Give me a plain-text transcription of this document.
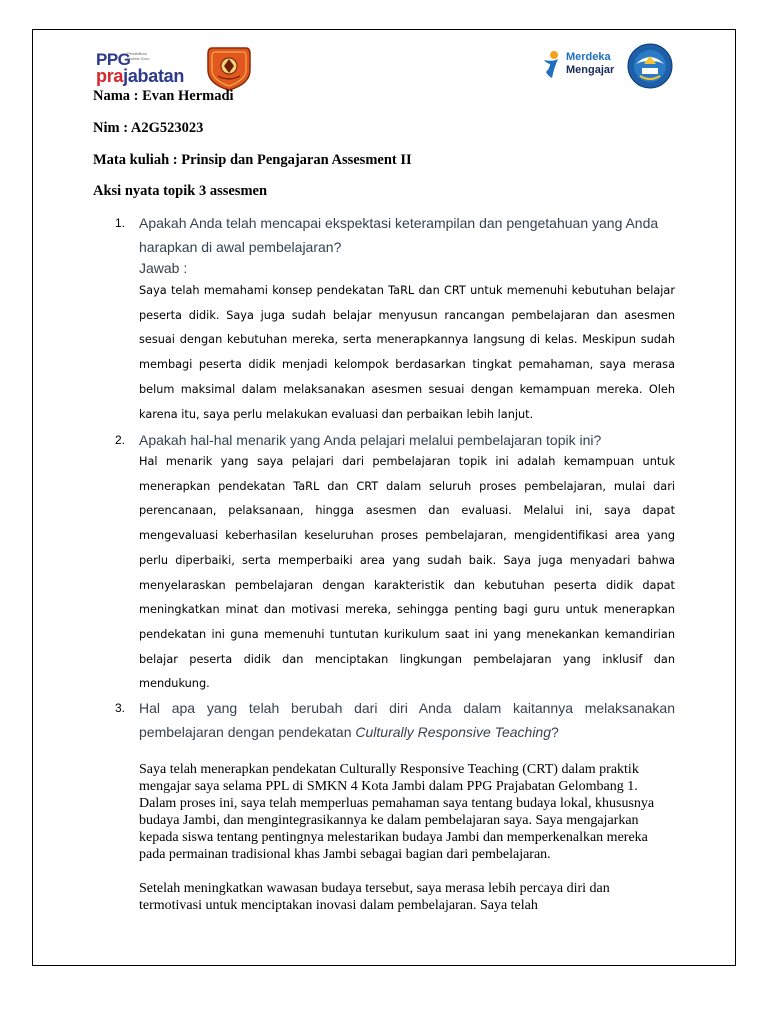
PPG
Pendidikan Profesi Guru
prajabatan
Merdeka
Mengajar
Nama : Evan Hermadi
Nim : A2G523023
Mata kuliah : Prinsip dan Pengajaran Assesment II
Aksi nyata topik 3 assesmen
1. Apakah Anda telah mencapai ekspektasi keterampilan dan pengetahuan yang Anda harapkan di awal pembelajaran?
Jawab :
Saya telah memahami konsep pendekatan TaRL dan CRT untuk memenuhi kebutuhan belajar peserta didik. Saya juga sudah belajar menyusun rancangan pembelajaran dan asesmen sesuai dengan kebutuhan mereka, serta menerapkannya langsung di kelas. Meskipun sudah membagi peserta didik menjadi kelompok berdasarkan tingkat pemahaman, saya merasa belum maksimal dalam melaksanakan asesmen sesuai dengan kemampuan mereka. Oleh karena itu, saya perlu melakukan evaluasi dan perbaikan lebih lanjut.
2. Apakah hal-hal menarik yang Anda pelajari melalui pembelajaran topik ini?
Hal menarik yang saya pelajari dari pembelajaran topik ini adalah kemampuan untuk menerapkan pendekatan TaRL dan CRT dalam seluruh proses pembelajaran, mulai dari perencanaan, pelaksanaan, hingga asesmen dan evaluasi. Melalui ini, saya dapat mengevaluasi keberhasilan keseluruhan proses pembelajaran, mengidentifikasi area yang perlu diperbaiki, serta memperbaiki area yang sudah baik. Saya juga menyadari bahwa menyelaraskan pembelajaran dengan karakteristik dan kebutuhan peserta didik dapat meningkatkan minat dan motivasi mereka, sehingga penting bagi guru untuk menerapkan pendekatan ini guna memenuhi tuntutan kurikulum saat ini yang menekankan kemandirian belajar peserta didik dan menciptakan lingkungan pembelajaran yang inklusif dan mendukung.
3. Hal apa yang telah berubah dari diri Anda dalam kaitannya melaksanakan
pembelajaran dengan pendekatan Culturally Responsive Teaching?

Saya telah menerapkan pendekatan Culturally Responsive Teaching (CRT) dalam praktik mengajar saya selama PPL di SMKN 4 Kota Jambi dalam PPG Prajabatan Gelombang 1. Dalam proses ini, saya telah memperluas pemahaman saya tentang budaya lokal, khususnya budaya Jambi, dan mengintegrasikannya ke dalam pembelajaran saya. Saya mengajarkan kepada siswa tentang pentingnya melestarikan budaya Jambi dan memperkenalkan mereka pada permainan tradisional khas Jambi sebagai bagian dari pembelajaran.

Setelah meningkatkan wawasan budaya tersebut, saya merasa lebih percaya diri dan termotivasi untuk menciptakan inovasi dalam pembelajaran. Saya telah
